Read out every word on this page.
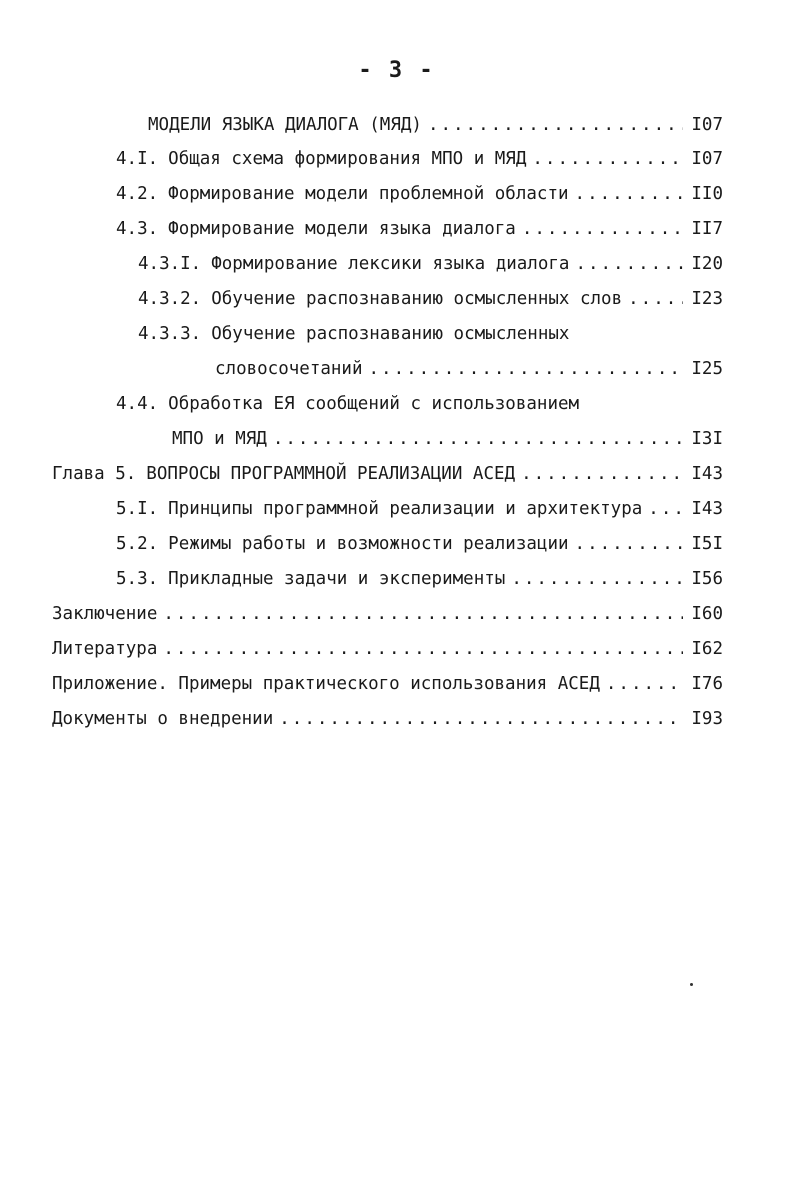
- 3 -
МОДЕЛИ ЯЗЫКА ДИАЛОГА (МЯД) .....	I07
4.I. Общая схема формирования МПО и МЯД .....	I07
4.2. Формирование модели проблемной области .....	II0
4.3. Формирование модели языка диалога .....	II7
4.3.I. Формирование лексики языка диалога .....	I20
4.3.2. Обучение распознаванию осмысленных слов .....	I23
4.3.3. Обучение распознаванию осмысленных
словосочетаний .....	I25
4.4. Обработка ЕЯ сообщений с использованием
МПО и МЯД .....	I3I
Глава 5. ВОПРОСЫ ПРОГРАММНОЙ РЕАЛИЗАЦИИ АСЕД .....	I43
5.I. Принципы программной реализации и архитектура .....	I43
5.2. Режимы работы и возможности реализации .....	I5I
5.3. Прикладные задачи и эксперименты .....	I56
Заключение .....	I60
Литература .....	I62
Приложение. Примеры практического использования АСЕД .....	I76
Документы о внедрении .....	I93
